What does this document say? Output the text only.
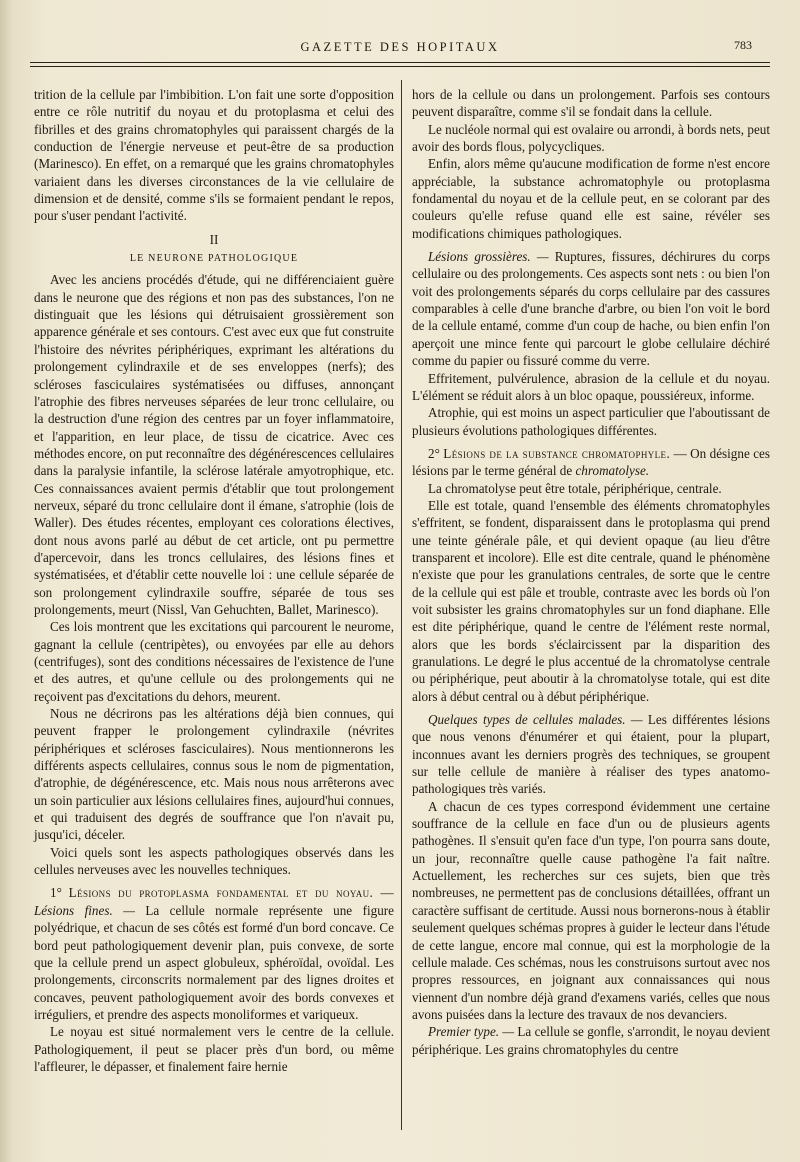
GAZETTE DES HOPITAUX	783

trition de la cellule par l'imbibition. L'on fait une sorte d'opposition entre ce rôle nutritif du noyau et du protoplasma et celui des fibrilles et des grains chromatophyles qui paraissent chargés de la conduction de l'énergie nerveuse et peut-être de sa production (Marinesco). En effet, on a remarqué que les grains chromatophyles variaient dans les diverses circonstances de la vie cellulaire de dimension et de densité, comme s'ils se formaient pendant le repos, pour s'user pendant l'activité.

II
LE NEURONE PATHOLOGIQUE

Avec les anciens procédés d'étude, qui ne différenciaient guère dans le neurone que des régions et non pas des substances, l'on ne distinguait que les lésions qui détruisaient grossièrement son apparence générale et ses contours. C'est avec eux que fut construite l'histoire des névrites périphériques, exprimant les altérations du prolongement cylindraxile et de ses enveloppes (nerfs); des scléroses fasciculaires systématisées ou diffuses, annonçant l'atrophie des fibres nerveuses séparées de leur tronc cellulaire, ou la destruction d'une région des centres par un foyer inflammatoire, et l'apparition, en leur place, de tissu de cicatrice. Avec ces méthodes encore, on put reconnaître des dégénérescences cellulaires dans la paralysie infantile, la sclérose latérale amyotrophique, etc. Ces connaissances avaient permis d'établir que tout prolongement nerveux, séparé du tronc cellulaire dont il émane, s'atrophie (lois de Waller). Des études récentes, employant ces colorations électives, dont nous avons parlé au début de cet article, ont pu permettre d'apercevoir, dans les troncs cellulaires, des lésions fines et systématisées, et d'établir cette nouvelle loi : une cellule séparée de son prolongement cylindraxile souffre, séparée de tous ses prolongements, meurt (Nissl, Van Gehuchten, Ballet, Marinesco).

Ces lois montrent que les excitations qui parcourent le neurome, gagnant la cellule (centripètes), ou envoyées par elle au dehors (centrifuges), sont des conditions nécessaires de l'existence de l'une et des autres, et qu'une cellule ou des prolongements qui ne reçoivent pas d'excitations du dehors, meurent.

Nous ne décrirons pas les altérations déjà bien connues, qui peuvent frapper le prolongement cylindraxile (névrites périphériques et scléroses fasciculaires). Nous mentionnerons les différents aspects cellulaires, connus sous le nom de pigmentation, d'atrophie, de dégénérescence, etc. Mais nous nous arrêterons avec un soin particulier aux lésions cellulaires fines, aujourd'hui connues, et qui traduisent des degrés de souffrance que l'on n'avait pu, jusqu'ici, déceler.

Voici quels sont les aspects pathologiques observés dans les cellules nerveuses avec les nouvelles techniques.

1° Lésions du protoplasma fondamental et du noyau. — Lésions fines. — La cellule normale représente une figure polyédrique, et chacun de ses côtés est formé d'un bord concave. Ce bord peut pathologiquement devenir plan, puis convexe, de sorte que la cellule prend un aspect globuleux, sphéroïdal, ovoïdal. Les prolongements, circonscrits normalement par des lignes droites et concaves, peuvent pathologiquement avoir des bords convexes et irréguliers, et prendre des aspects monoliformes et variqueux.

Le noyau est situé normalement vers le centre de la cellule. Pathologiquement, il peut se placer près d'un bord, ou même l'affleurer, le dépasser, et finalement faire hernie

hors de la cellule ou dans un prolongement. Parfois ses contours peuvent disparaître, comme s'il se fondait dans la cellule.

Le nucléole normal qui est ovalaire ou arrondi, à bords nets, peut avoir des bords flous, polycycliques.

Enfin, alors même qu'aucune modification de forme n'est encore appréciable, la substance achromatophyle ou protoplasma fondamental du noyau et de la cellule peut, en se colorant par des couleurs qu'elle refuse quand elle est saine, révéler ses modifications chimiques pathologiques.

Lésions grossières. — Ruptures, fissures, déchirures du corps cellulaire ou des prolongements. Ces aspects sont nets : ou bien l'on voit des prolongements séparés du corps cellulaire par des cassures comparables à celle d'une branche d'arbre, ou bien l'on voit le bord de la cellule entamé, comme d'un coup de hache, ou bien enfin l'on aperçoit une mince fente qui parcourt le globe cellulaire déchiré comme du papier ou fissuré comme du verre.

Effritement, pulvérulence, abrasion de la cellule et du noyau. L'élément se réduit alors à un bloc opaque, poussiéreux, informe.

Atrophie, qui est moins un aspect particulier que l'aboutissant de plusieurs évolutions pathologiques différentes.

2° Lésions de la substance chromatophyle. — On désigne ces lésions par le terme général de chromatolyse.

La chromatolyse peut être totale, périphérique, centrale.

Elle est totale, quand l'ensemble des éléments chromatophyles s'effritent, se fondent, disparaissent dans le protoplasma qui prend une teinte générale pâle, et qui devient opaque (au lieu d'être transparent et incolore). Elle est dite centrale, quand le phénomène n'existe que pour les granulations centrales, de sorte que le centre de la cellule qui est pâle et trouble, contraste avec les bords où l'on voit subsister les grains chromatophyles sur un fond diaphane. Elle est dite périphérique, quand le centre de l'élément reste normal, alors que les bords s'éclaircissent par la disparition des granulations. Le degré le plus accentué de la chromatolyse centrale ou périphérique, peut aboutir à la chromatolyse totale, qui est dite alors à début central ou à début périphérique.

Quelques types de cellules malades. — Les différentes lésions que nous venons d'énumérer et qui étaient, pour la plupart, inconnues avant les derniers progrès des techniques, se groupent sur telle cellule de manière à réaliser des types anatomo-pathologiques très variés.

A chacun de ces types correspond évidemment une certaine souffrance de la cellule en face d'un ou de plusieurs agents pathogènes. Il s'ensuit qu'en face d'un type, l'on pourra sans doute, un jour, reconnaître quelle cause pathogène l'a fait naître. Actuellement, les recherches sur ces sujets, bien que très nombreuses, ne permettent pas de conclusions détaillées, offrant un caractère suffisant de certitude. Aussi nous bornerons-nous à établir seulement quelques schémas propres à guider le lecteur dans l'étude de cette langue, encore mal connue, qui est la morphologie de la cellule malade. Ces schémas, nous les construisons surtout avec nos propres ressources, en joignant aux connaissances qui nous viennent d'un nombre déjà grand d'examens variés, celles que nous avons puisées dans la lecture des travaux de nos devanciers.

Premier type. — La cellule se gonfle, s'arrondit, le noyau devient périphérique. Les grains chromatophyles du centre
